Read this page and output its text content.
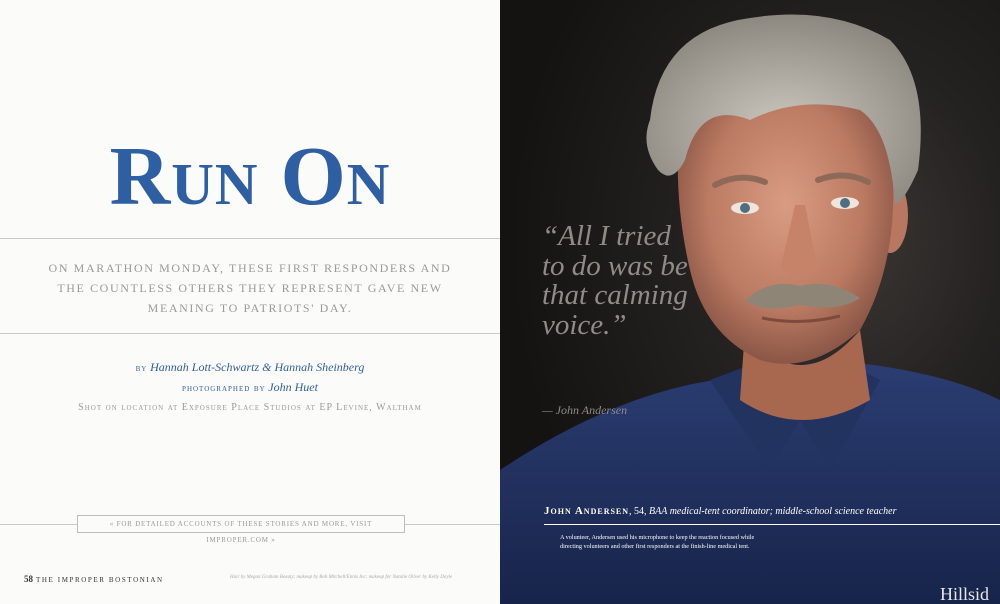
Run On
ON MARATHON MONDAY, THESE FIRST RESPONDERS AND THE COUNTLESS OTHERS THEY REPRESENT GAVE NEW MEANING TO PATRIOTS' DAY.
by Hannah Lott-Schwartz & Hannah Sheinberg
photographed by John Huet
Shot on location at Exposure Place Studios at EP Levine, Waltham
« FOR DETAILED ACCOUNTS OF THESE STORIES AND MORE, VISIT IMPROPER.COM »
58 THE IMPROPER BOSTONIAN	Hair by Megan Graham Beauty; makeup by Bob Mitchell/Ennis Inc; makeup for Natalie Oliver by Kelly Doyle
Hillsid
“All I tried to do was be that calming voice.”
— John Andersen
John Andersen, 54, BAA medical-tent coordinator; middle-school science teacher
A volunteer, Andersen used his microphone to keep the reaction focused while directing volunteers and other first responders at the finish-line medical tent.
